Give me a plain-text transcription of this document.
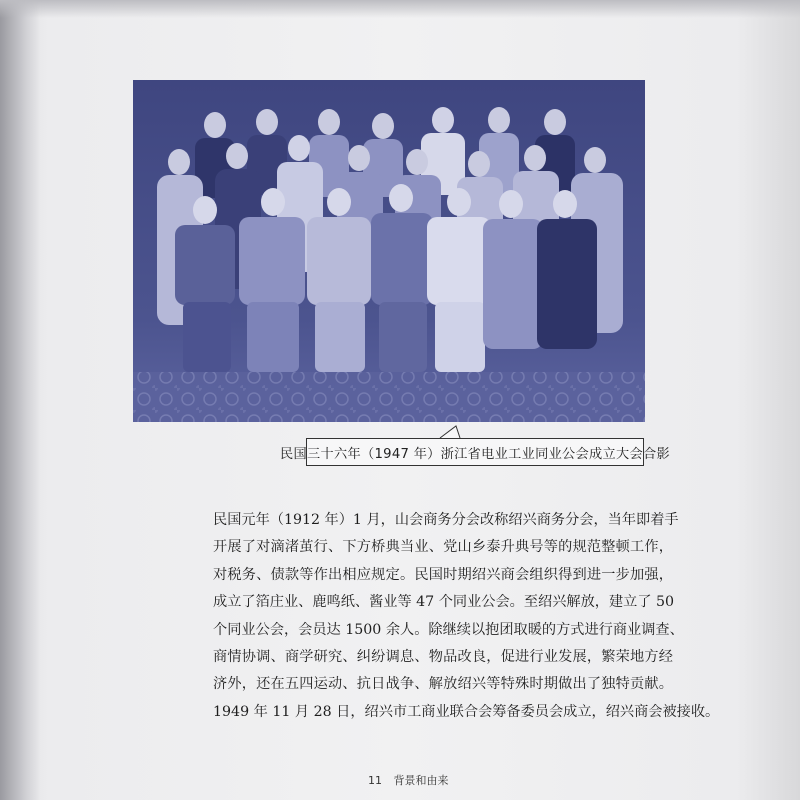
民国三十六年（1947 年）浙江省电业工业同业公会成立大会合影
民国元年（1912 年）1 月，山会商务分会改称绍兴商务分会，当年即着手
开展了对滴渚茧行、下方桥典当业、党山乡泰升典号等的规范整顿工作，
对税务、债款等作出相应规定。民国时期绍兴商会组织得到进一步加强，
成立了箔庄业、鹿鸣纸、酱业等 47 个同业公会。至绍兴解放，建立了 50
个同业公会，会员达 1500 余人。除继续以抱团取暖的方式进行商业调查、
商情协调、商学研究、纠纷调息、物品改良，促进行业发展，繁荣地方经
济外，还在五四运动、抗日战争、解放绍兴等特殊时期做出了独特贡献。
1949 年 11 月 28 日，绍兴市工商业联合会筹备委员会成立，绍兴商会被接收。
11 背景和由来
